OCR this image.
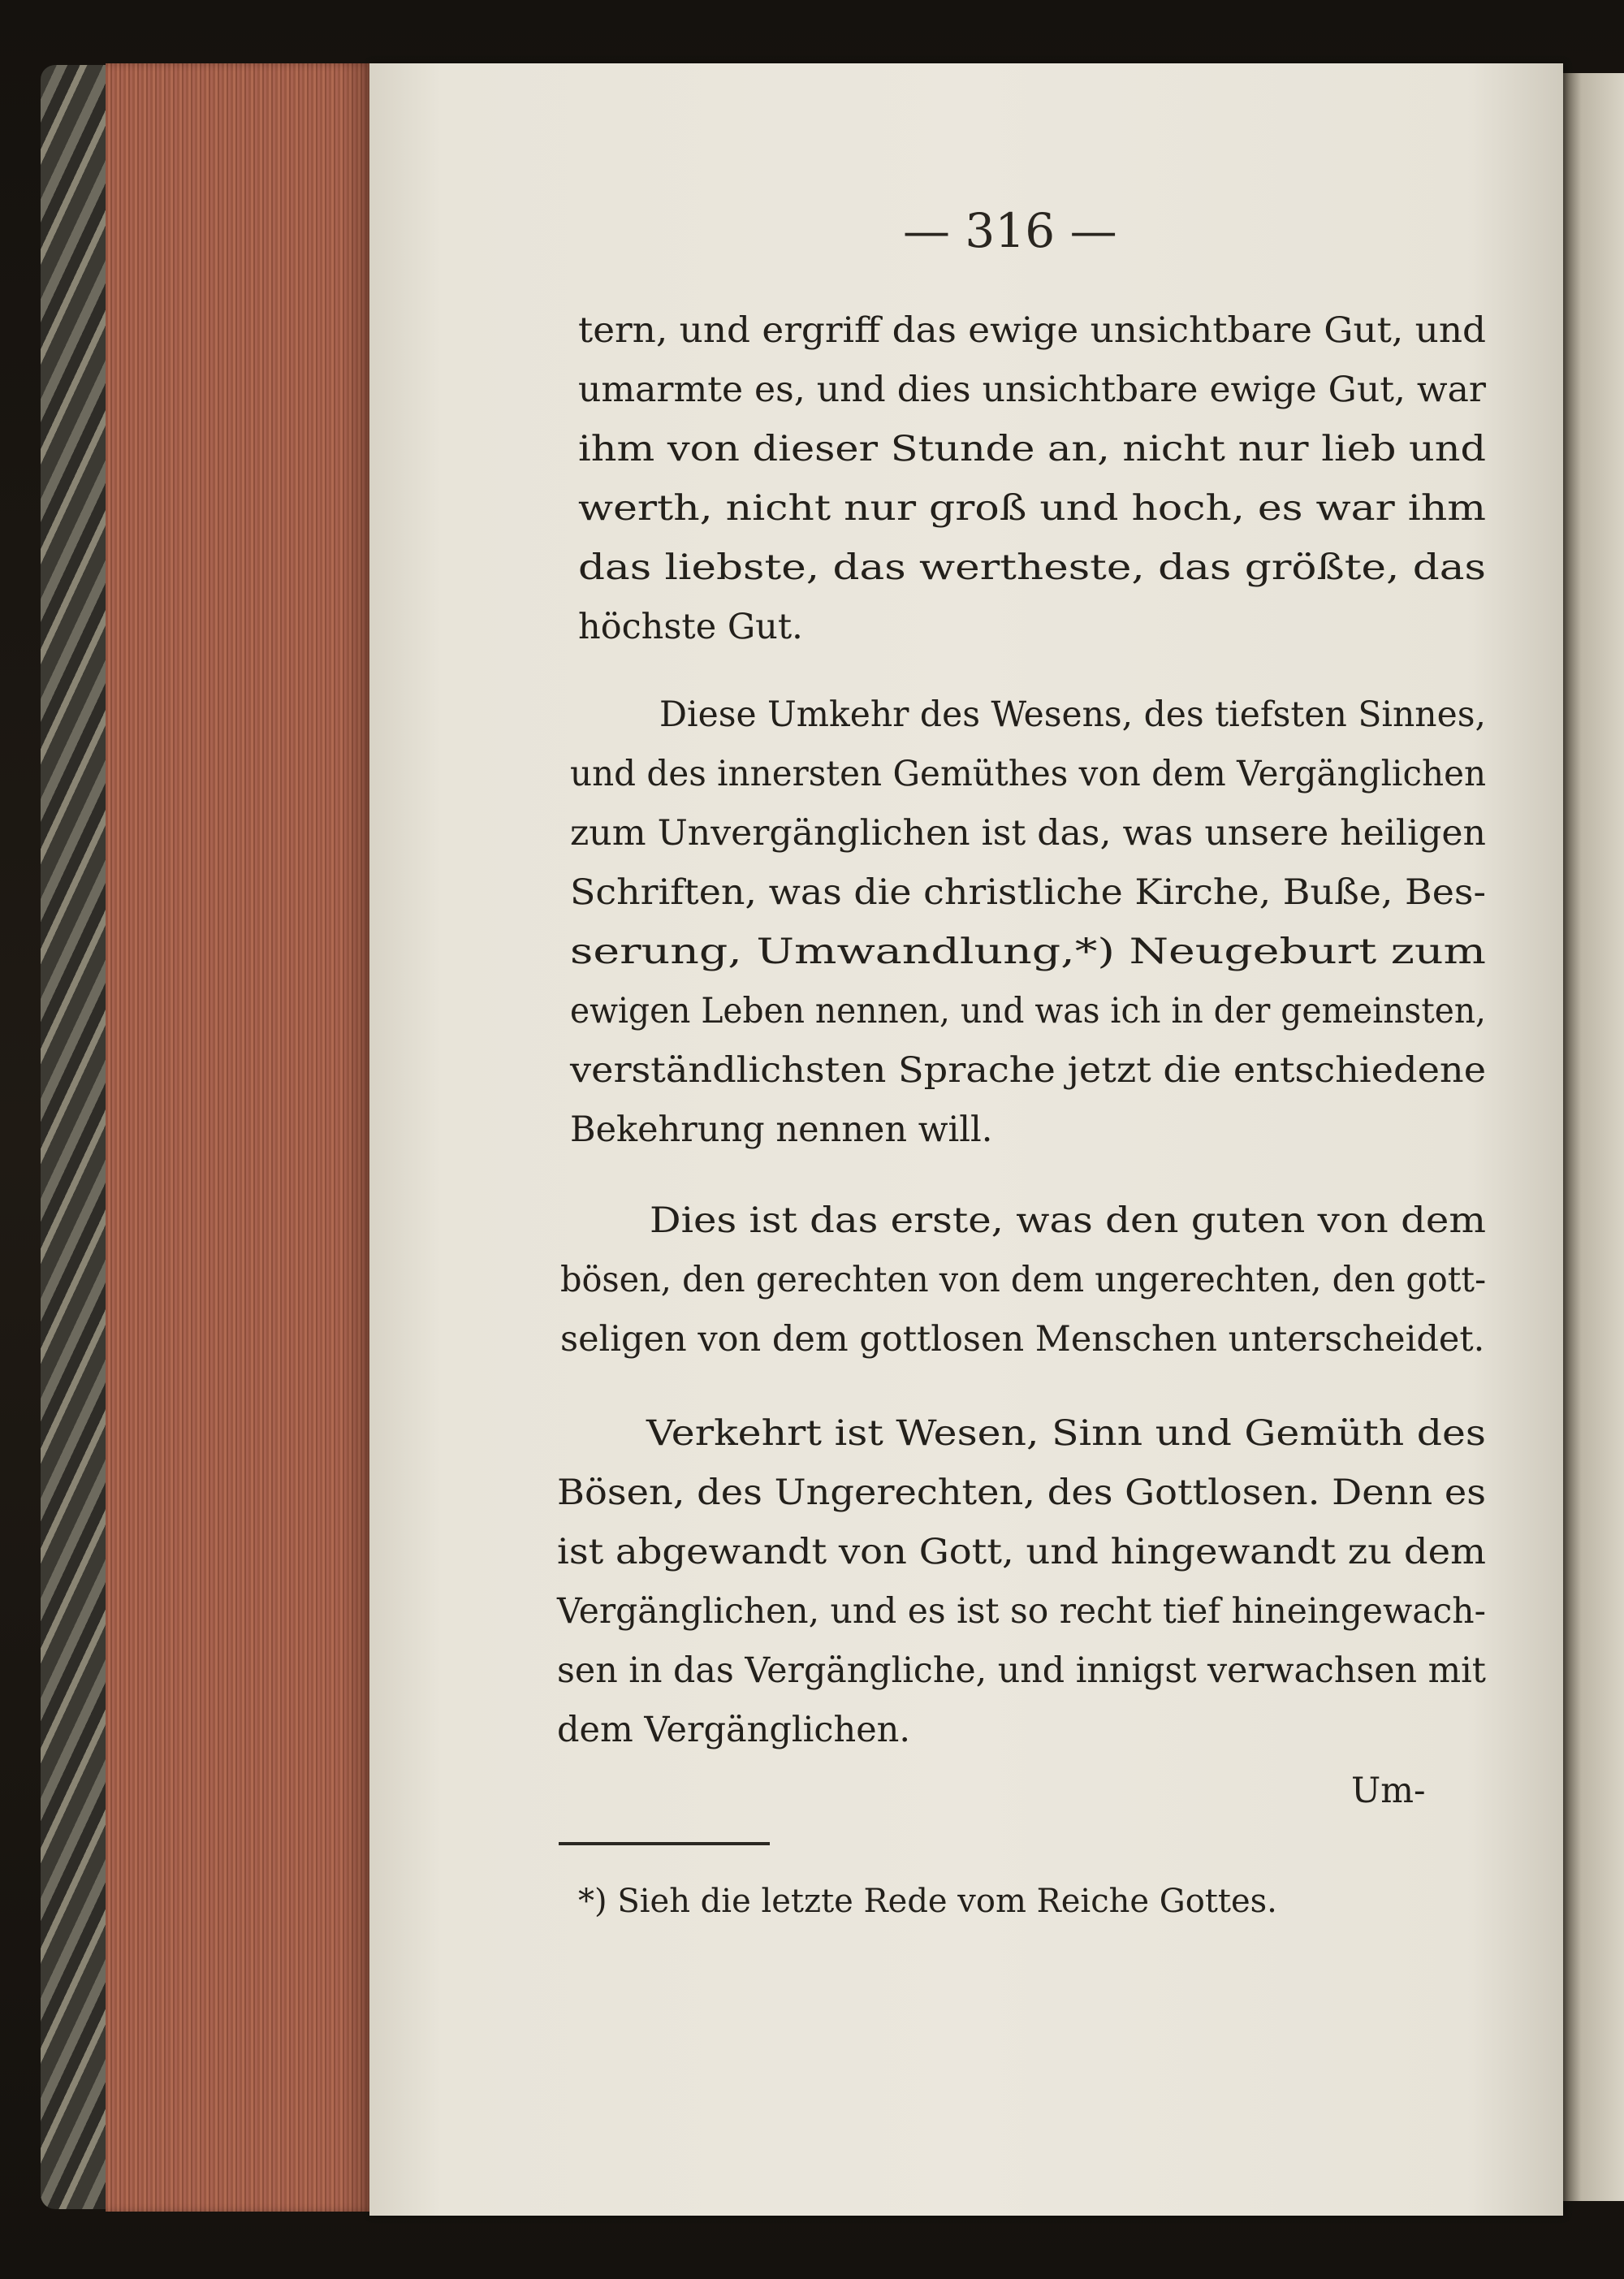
— 316 —
tern, und ergriff das ewige unsichtbare Gut, und
umarmte es, und dies unsichtbare ewige Gut, war
ihm von dieser Stunde an, nicht nur lieb und
werth, nicht nur groß und hoch, es war ihm
das liebste, das wertheste, das größte, das
höchste Gut.
Diese Umkehr des Wesens, des tiefsten Sinnes,
und des innersten Gemüthes von dem Vergänglichen
zum Unvergänglichen ist das, was unsere heiligen
Schriften, was die christliche Kirche, Buße, Bes-
serung, Umwandlung,*) Neugeburt zum
ewigen Leben nennen, und was ich in der gemeinsten,
verständlichsten Sprache jetzt die entschiedene
Bekehrung nennen will.
Dies ist das erste, was den guten von dem
bösen, den gerechten von dem ungerechten, den gott-
seligen von dem gottlosen Menschen unterscheidet.
Verkehrt ist Wesen, Sinn und Gemüth des
Bösen, des Ungerechten, des Gottlosen. Denn es
ist abgewandt von Gott, und hingewandt zu dem
Vergänglichen, und es ist so recht tief hineingewach-
sen in das Vergängliche, und innigst verwachsen mit
dem Vergänglichen.
Um-
*) Sieh die letzte Rede vom Reiche Gottes.
